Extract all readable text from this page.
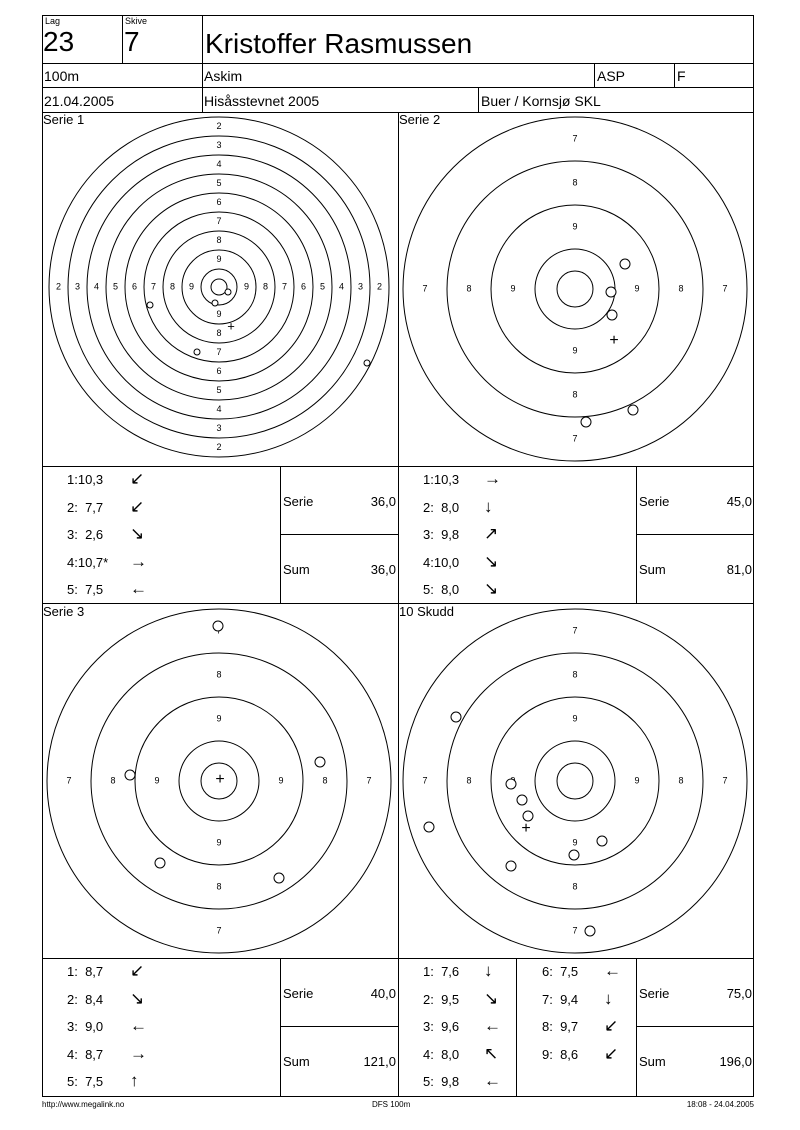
Lag
23
Skive
7 Kristoffer Rasmussen
100m	Askim	ASP	F
21.04.2005	Hisåsstevnet 2005	Buer / Kornsjø SKL
Serie 1	Serie 2
Serie 3	10 Skudd
2
2
2	2
3
3
3	3
4
4
4	4
5
5
5	5
6
6
6	6
7
7
7	7
8
8
8	8
9
9
9	9
+
7
7
7	7
8
8
8	8
9
9
9	9
+
7
7	7
8
8
8	8
9
9
9	9
+
7
7
7	7
8
8
8	8
9
9
9
+
Serie	36,0
Sum	36,0
1:10,3 ↙
2:  7,7 ↙
3:  2,6 ↘
4:10,7* →
5:  7,5 ←
Serie	45,0
Sum	81,0
1:10,3 →
2:  8,0 ↓
3:  9,8 ↗
4:10,0 ↘
5:  8,0 ↘
Serie	40,0
Sum	121,0
1:  8,7 ↙
2:  8,4 ↘
3:  9,0 ←
4:  8,7 →
5:  7,5 ↑
Serie	75,0
Sum	196,0
1:  7,6 ↓
2:  9,5 ↘
3:  9,6 ←
4:  8,0 ↖
5:  9,8 ←
6:  7,5 ←
7:  9,4 ↓
8:  9,7 ↙
9:  8,6 ↙
http://www.megalink.no	DFS 100m	18:08 - 24.04.2005
